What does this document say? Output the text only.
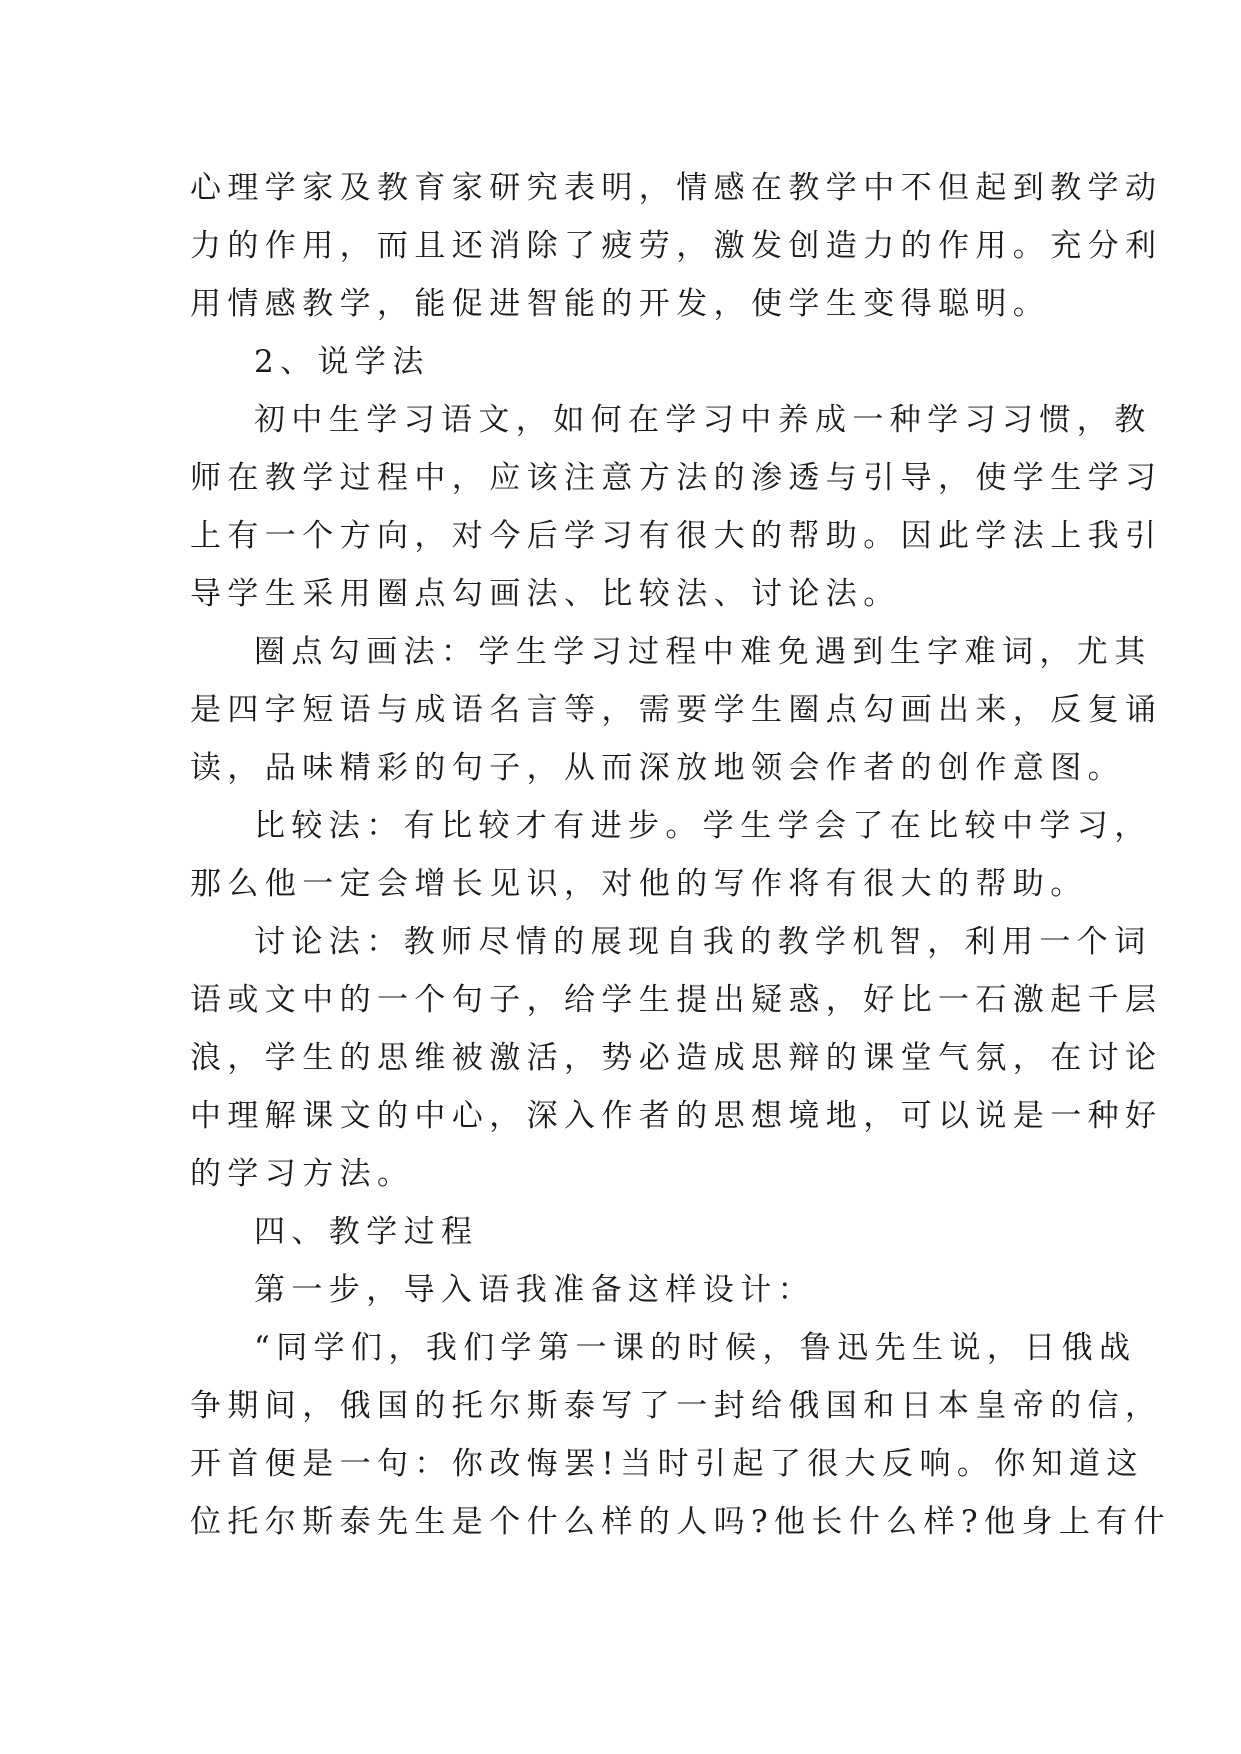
心理学家及教育家研究表明，情感在教学中不但起到教学动
力的作用，而且还消除了疲劳，激发创造力的作用。充分利
用情感教学，能促进智能的开发，使学生变得聪明。
2、说学法
初中生学习语文，如何在学习中养成一种学习习惯，教
师在教学过程中，应该注意方法的渗透与引导，使学生学习
上有一个方向，对今后学习有很大的帮助。因此学法上我引
导学生采用圈点勾画法、比较法、讨论法。
圈点勾画法：学生学习过程中难免遇到生字难词，尤其
是四字短语与成语名言等，需要学生圈点勾画出来，反复诵
读，品味精彩的句子，从而深放地领会作者的创作意图。
比较法：有比较才有进步。学生学会了在比较中学习，
那么他一定会增长见识，对他的写作将有很大的帮助。
讨论法：教师尽情的展现自我的教学机智，利用一个词
语或文中的一个句子，给学生提出疑惑，好比一石激起千层
浪，学生的思维被激活，势必造成思辩的课堂气氛，在讨论
中理解课文的中心，深入作者的思想境地，可以说是一种好
的学习方法。
四、教学过程
第一步，导入语我准备这样设计：
“同学们，我们学第一课的时候，鲁迅先生说，日俄战
争期间，俄国的托尔斯泰写了一封给俄国和日本皇帝的信，
开首便是一句：你改悔罢!当时引起了很大反响。你知道这
位托尔斯泰先生是个什么样的人吗?他长什么样?他身上有什
